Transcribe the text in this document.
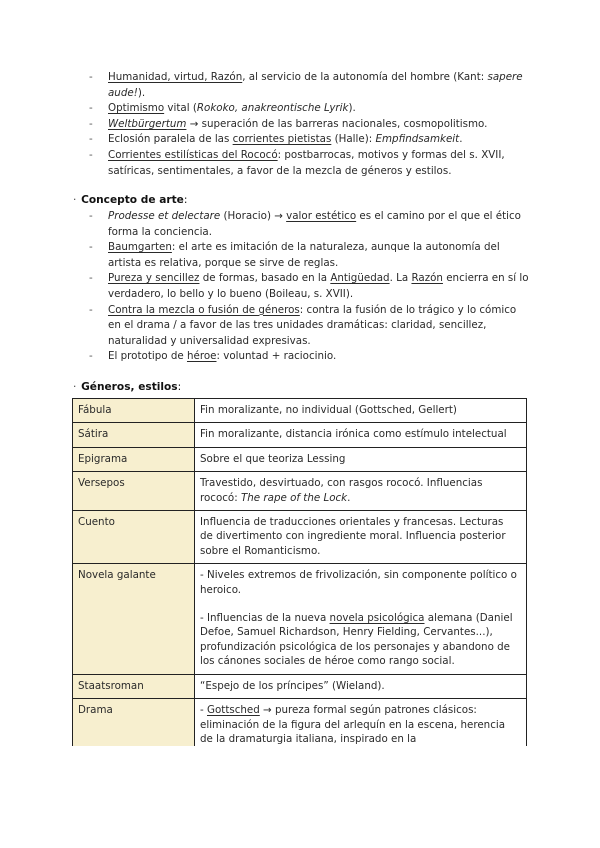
- Humanidad, virtud, Razón, al servicio de la autonomía del hombre (Kant: sapere aude!).
- Optimismo vital (Rokoko, anakreontische Lyrik).
- Weltbürgertum → superación de las barreras nacionales, cosmopolitismo.
- Eclosión paralela de las corrientes pietistas (Halle): Empfindsamkeit.
- Corrientes estilísticas del Rococó: postbarrocas, motivos y formas del s. XVII, satíricas, sentimentales, a favor de la mezcla de géneros y estilos.
· Concepto de arte:
- Prodesse et delectare (Horacio) → valor estético es el camino por el que el ético forma la conciencia.
- Baumgarten: el arte es imitación de la naturaleza, aunque la autonomía del artista es relativa, porque se sirve de reglas.
- Pureza y sencillez de formas, basado en la Antigüedad. La Razón encierra en sí lo verdadero, lo bello y lo bueno (Boileau, s. XVII).
- Contra la mezcla o fusión de géneros: contra la fusión de lo trágico y lo cómico en el drama / a favor de las tres unidades dramáticas: claridad, sencillez, naturalidad y universalidad expresivas.
- El prototipo de héroe: voluntad + raciocinio.
· Géneros, estilos:
Fábula	Fin moralizante, no individual (Gottsched, Gellert)

Sátira	Fin moralizante, distancia irónica como estímulo intelectual

Epigrama	Sobre el que teoriza Lessing

Versepos	Travestido, desvirtuado, con rasgos rococó. Influencias rococó: The rape of the Lock.

Cuento	Influencia de traducciones orientales y francesas. Lecturas de divertimento con ingrediente moral. Influencia posterior sobre el Romanticismo.

Novela galante	- Niveles extremos de frivolización, sin componente político o heroico.

- Influencias de la nueva novela psicológica alemana (Daniel Defoe, Samuel Richardson, Henry Fielding, Cervantes...), profundización psicológica de los personajes y abandono de los cánones sociales de héroe como rango social.

Staatsroman	“Espejo de los príncipes” (Wieland).

Drama	- Gottsched → pureza formal según patrones clásicos: eliminación de la figura del arlequín en la escena, herencia de la dramaturgia italiana, inspirado en la
